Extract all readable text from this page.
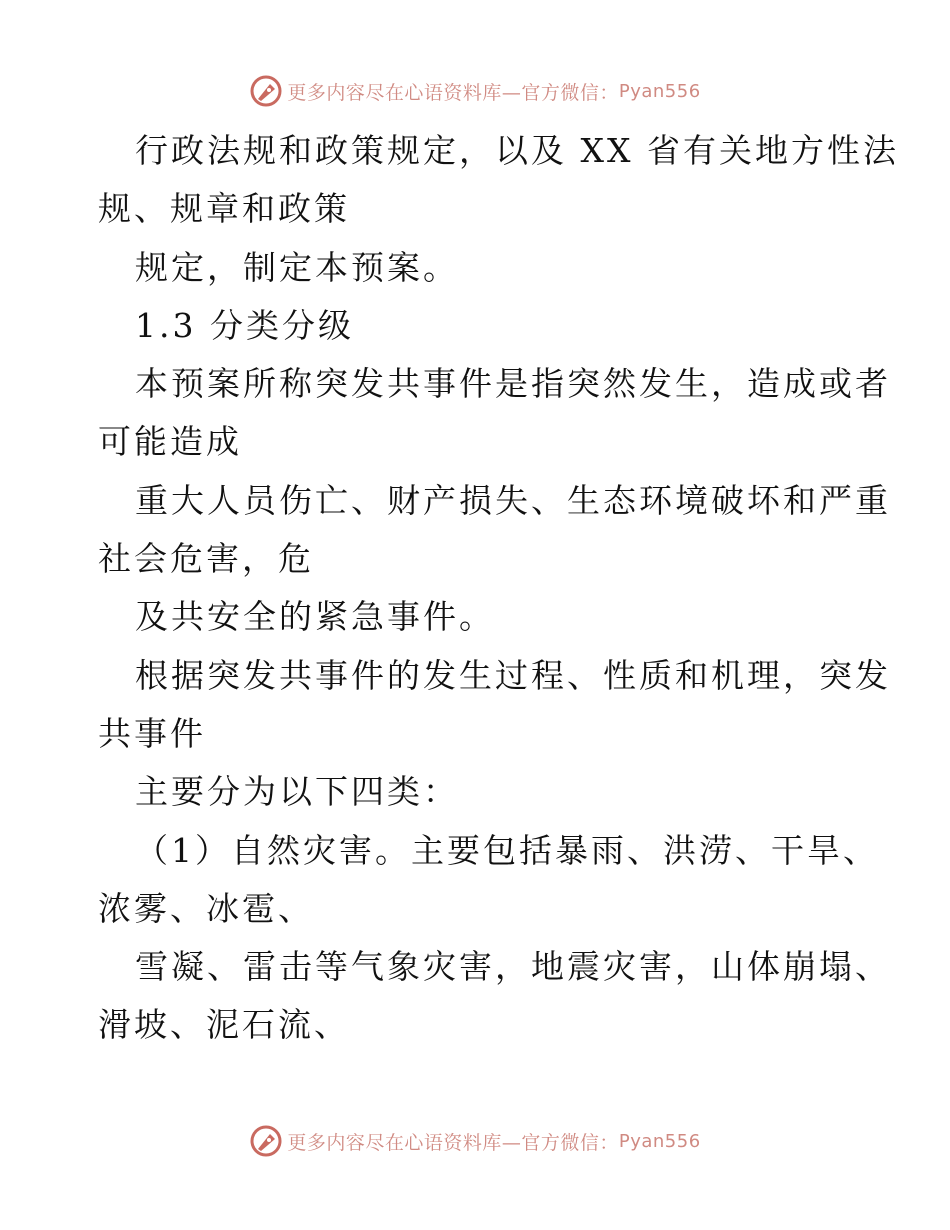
更多内容尽在心语资料库—官方微信： Pyan556
行政法规和政策规定，以及 XX 省有关地方性法
规、规章和政策
规定，制定本预案。
1.3 分类分级
本预案所称突发共事件是指突然发生，造成或者
可能造成
重大人员伤亡、财产损失、生态环境破坏和严重
社会危害，危
及共安全的紧急事件。
根据突发共事件的发生过程、性质和机理，突发
共事件
主要分为以下四类：
（1）自然灾害。主要包括暴雨、洪涝、干旱、
浓雾、冰雹、
雪凝、雷击等气象灾害，地震灾害，山体崩塌、
滑坡、泥石流、
更多内容尽在心语资料库—官方微信： Pyan556
